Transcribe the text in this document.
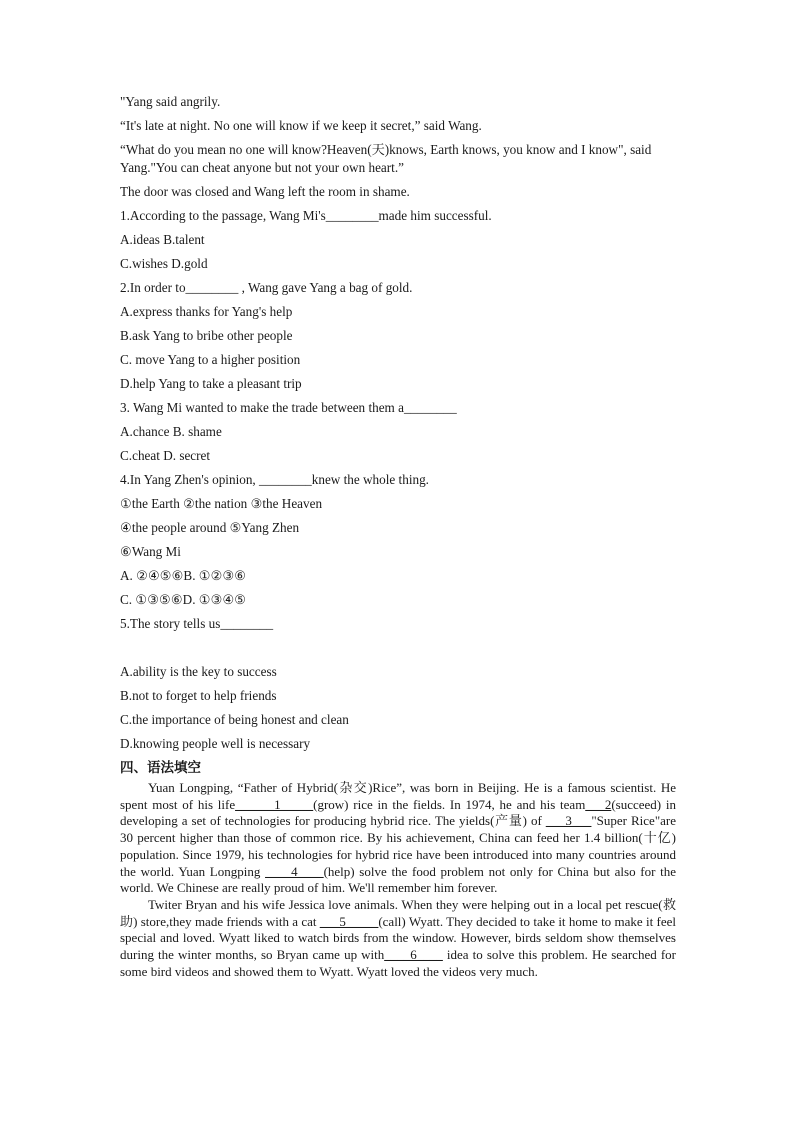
"Yang said angrily.

“It's late at night. No one will know if we keep it secret,” said Wang.

“What do you mean no one will know?Heaven(天)knows, Earth knows, you know and I know", said Yang."You can cheat anyone but not your own heart.”

The door was closed and Wang left the room in shame.

1.According to the passage, Wang Mi's________made him successful.

A.ideas B.talent

C.wishes D.gold

2.In order to________ , Wang gave Yang a bag of gold.

A.express thanks for Yang's help

B.ask Yang to bribe other people

C. move Yang to a higher position

D.help Yang to take a pleasant trip

3. Wang Mi wanted to make the trade between them a________

A.chance B. shame

C.cheat D. secret

4.In Yang Zhen's opinion, ________knew the whole thing.

①the Earth ②the nation ③the Heaven

④the people around ⑤Yang Zhen

⑥Wang Mi

A. ②④⑤⑥B. ①②③⑥

C. ①③⑤⑥D. ①③④⑤

5.The story tells us________

A.ability is the key to success

B.not to forget to help friends

C.the importance of being honest and clean

D.knowing people well is necessary

四、语法填空

Yuan Longping, “Father of Hybrid(杂交)Rice”, was born in Beijing. He is a famous scientist. He spent most of his life______1_____(grow) rice in the fields. In 1974, he and his team___2(succeed) in developing a set of technologies for producing hybrid rice. The yields(产量) of ___3___"Super Rice"are 30 percent higher than those of common rice. By his achievement, China can feed her 1.4 billion(十亿) population. Since 1979, his technologies for hybrid rice have been introduced into many countries around the world. Yuan Longping ____4____(help) solve the food problem not only for China but also for the world. We Chinese are really proud of him. We'll remember him forever.

Twiter Bryan and his wife Jessica love animals. When they were helping out in a local pet rescue(救助) store,they made friends with a cat ___5_____(call) Wyatt. They decided to take it home to make it feel special and loved. Wyatt liked to watch birds from the window. However, birds seldom show themselves during the winter months, so Bryan came up with____6____ idea to solve this problem. He searched for some bird videos and showed them to Wyatt. Wyatt loved the videos very much.
